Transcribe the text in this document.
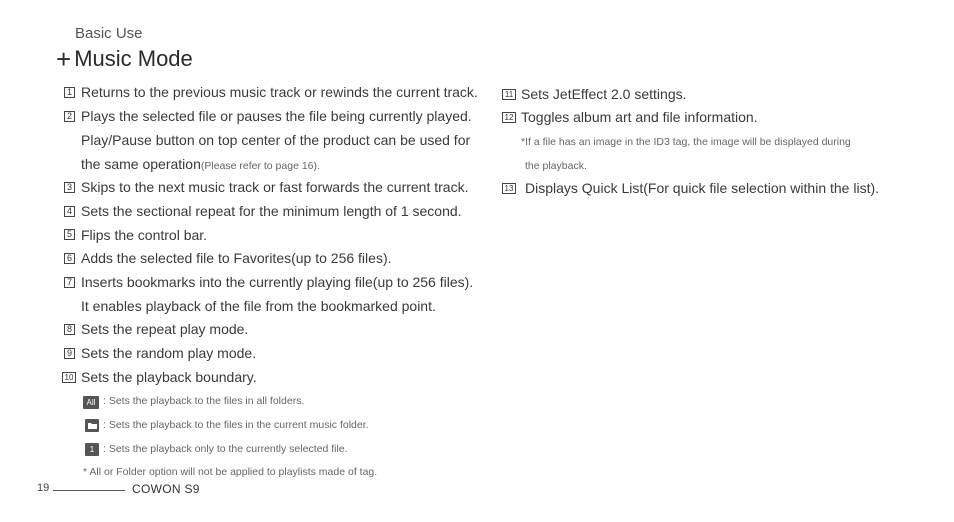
Basic Use
+ Music Mode
1 Returns to the previous music track or rewinds the current track.
2 Plays the selected file or pauses the file being currently played.
Play/Pause button on top center of the product can be used for
the same operation(Please refer to page 16).
3 Skips to the next music track or fast forwards the current track.
4 Sets the sectional repeat for the minimum length of 1 second.
5 Flips the control bar.
6 Adds the selected file to Favorites(up to 256 files).
7 Inserts bookmarks into the currently playing file(up to 256 files).
It enables playback of the file from the bookmarked point.
8 Sets the repeat play mode.
9 Sets the random play mode.
10 Sets the playback boundary.
All : Sets the playback to the files in all folders.
: Sets the playback to the files in the current music folder.
1 : Sets the playback only to the currently selected file.
* All or Folder option will not be applied to playlists made of tag.
11 Sets JetEffect 2.0 settings.
12 Toggles album art and file information.
*If a file has an image in the ID3 tag, the image will be displayed during
the playback.
13 Displays Quick List(For quick file selection within the list).
19	COWON S9
